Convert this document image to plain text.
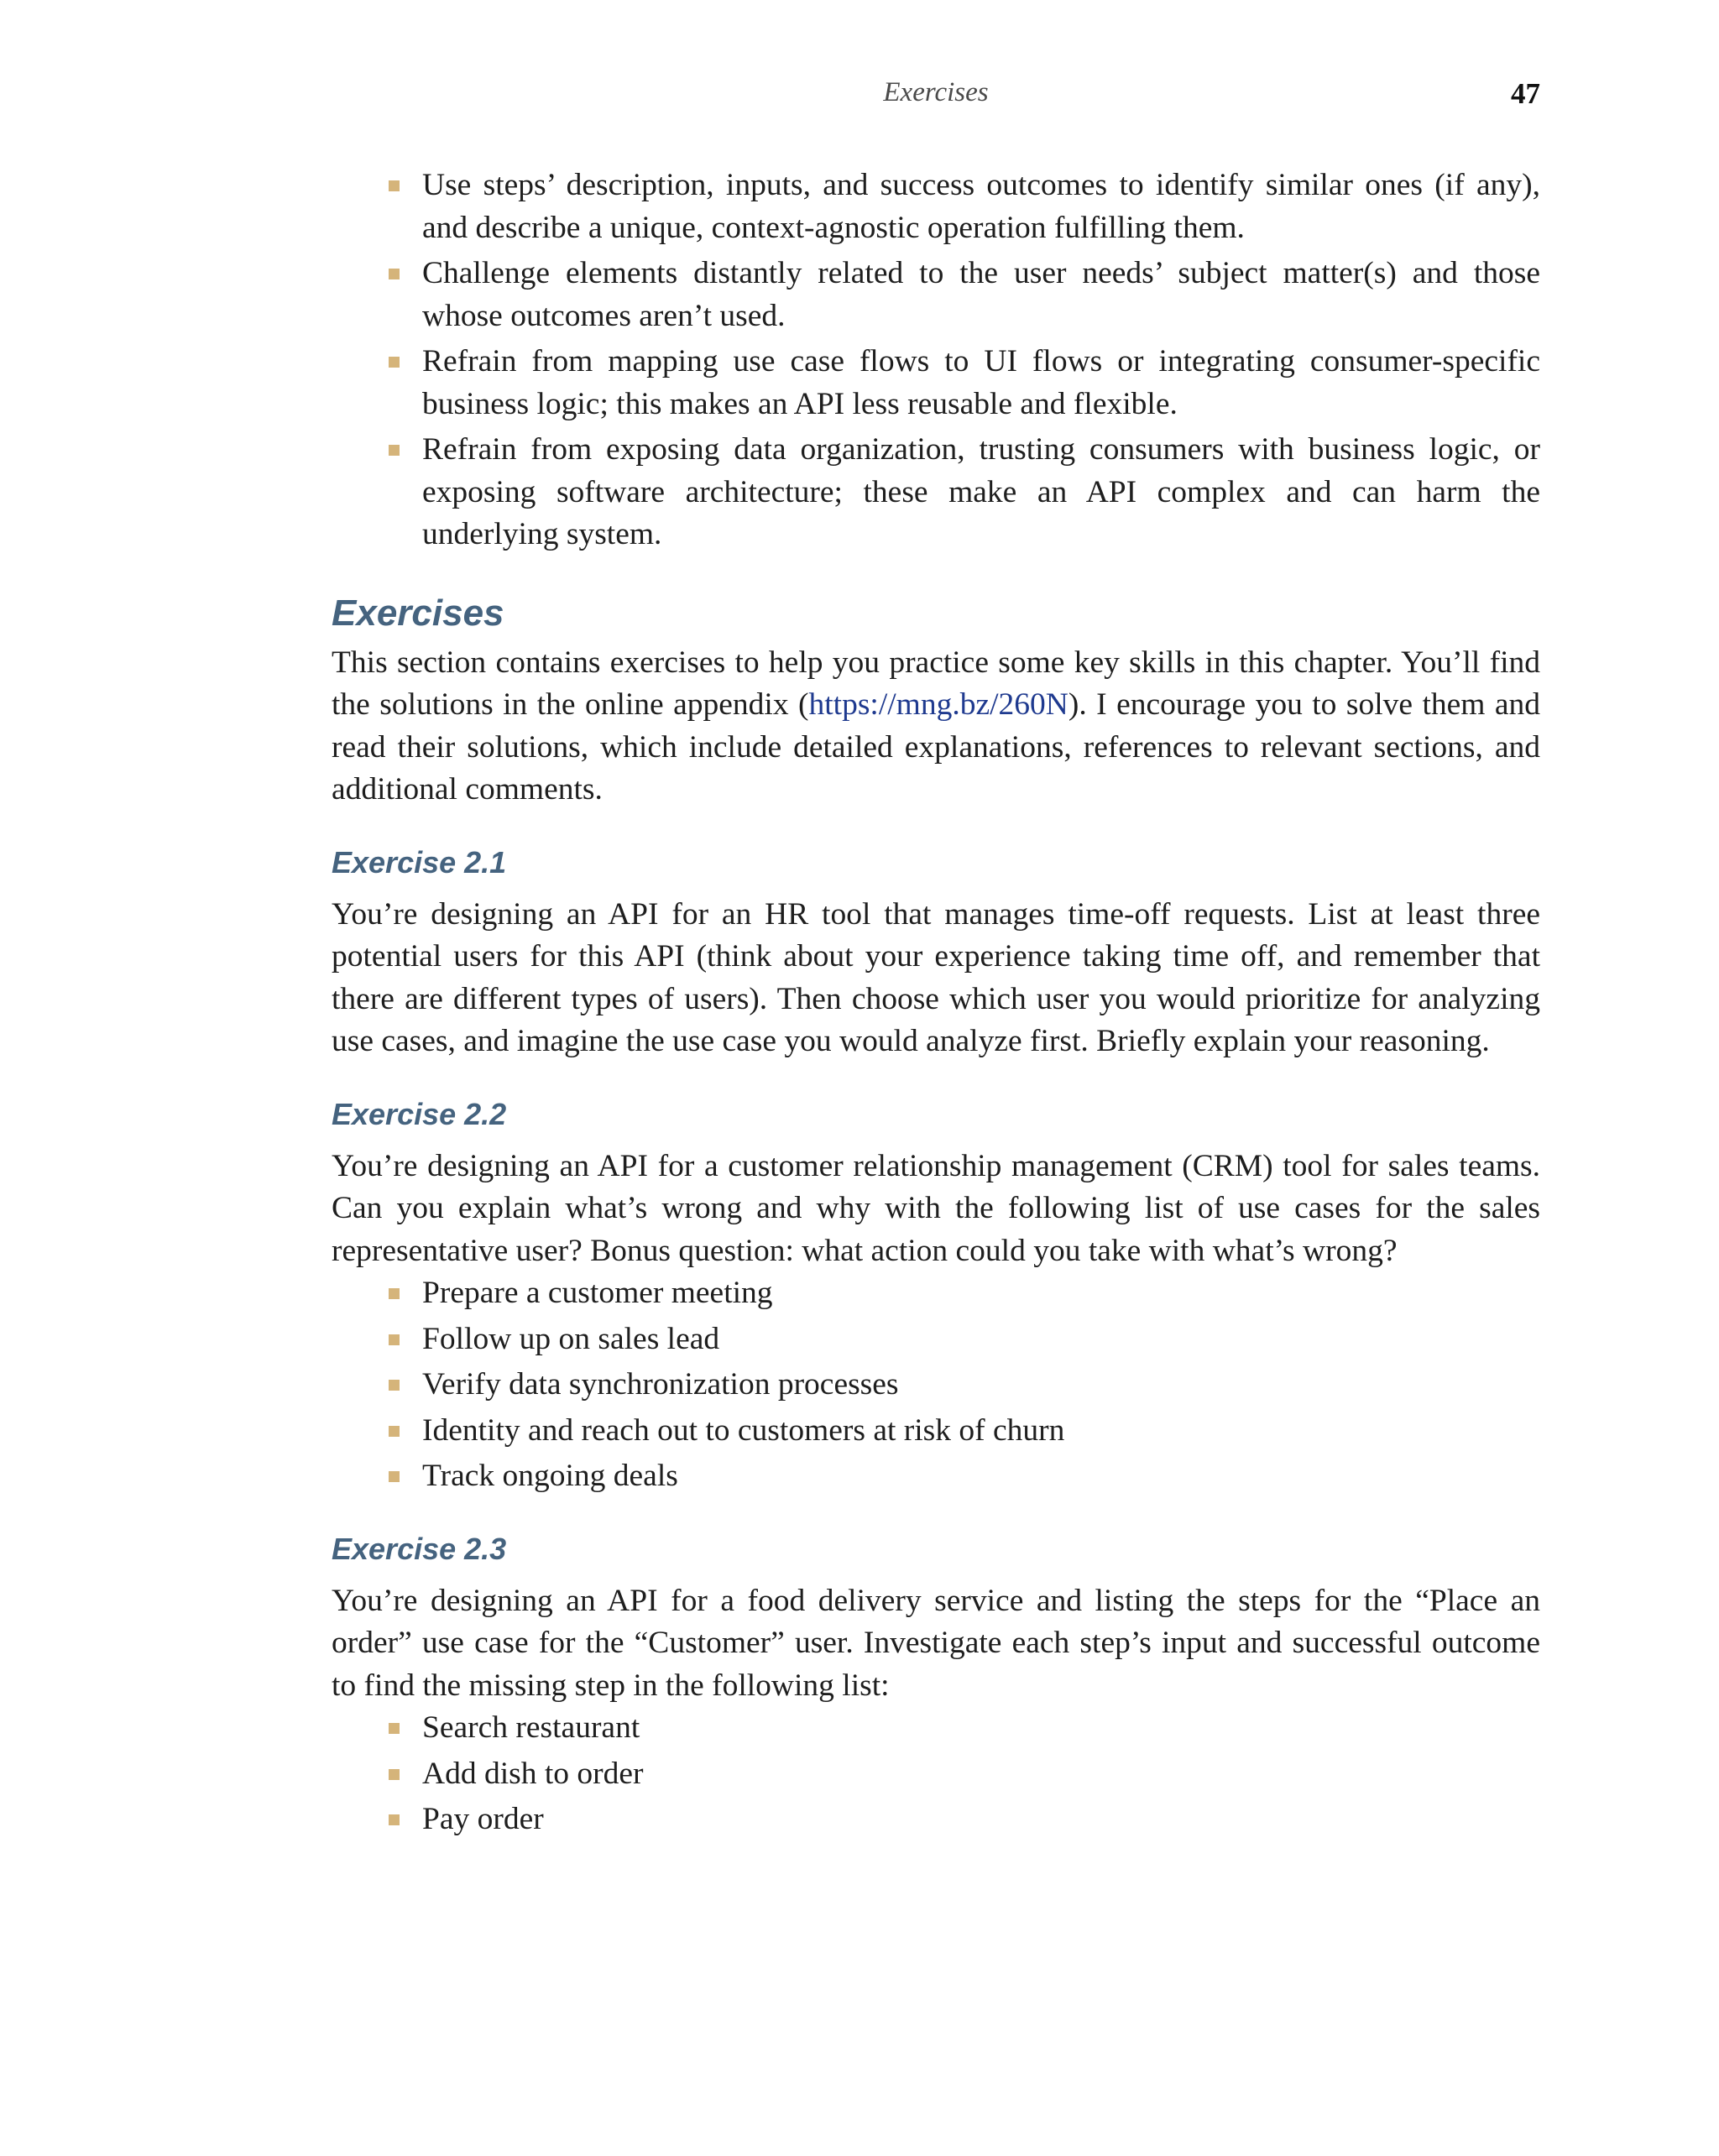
Exercises	47
Use steps’ description, inputs, and success outcomes to identify similar ones (if any), and describe a unique, context-agnostic operation fulfilling them.
Challenge elements distantly related to the user needs’ subject matter(s) and those whose outcomes aren’t used.
Refrain from mapping use case flows to UI flows or integrating consumer-specific business logic; this makes an API less reusable and flexible.
Refrain from exposing data organization, trusting consumers with business logic, or exposing software architecture; these make an API complex and can harm the underlying system.
Exercises

This section contains exercises to help you practice some key skills in this chapter. You’ll find the solutions in the online appendix (https://mng.bz/260N). I encourage you to solve them and read their solutions, which include detailed explanations, references to relevant sections, and additional comments.

Exercise 2.1

You’re designing an API for an HR tool that manages time-off requests. List at least three potential users for this API (think about your experience taking time off, and remember that there are different types of users). Then choose which user you would prioritize for analyzing use cases, and imagine the use case you would analyze first. Briefly explain your reasoning.

Exercise 2.2

You’re designing an API for a customer relationship management (CRM) tool for sales teams. Can you explain what’s wrong and why with the following list of use cases for the sales representative user? Bonus question: what action could you take with what’s wrong?

Prepare a customer meeting
Follow up on sales lead
Verify data synchronization processes
Identity and reach out to customers at risk of churn
Track ongoing deals
Exercise 2.3

You’re designing an API for a food delivery service and listing the steps for the “Place an order” use case for the “Customer” user. Investigate each step’s input and successful outcome to find the missing step in the following list:

Search restaurant
Add dish to order
Pay order
